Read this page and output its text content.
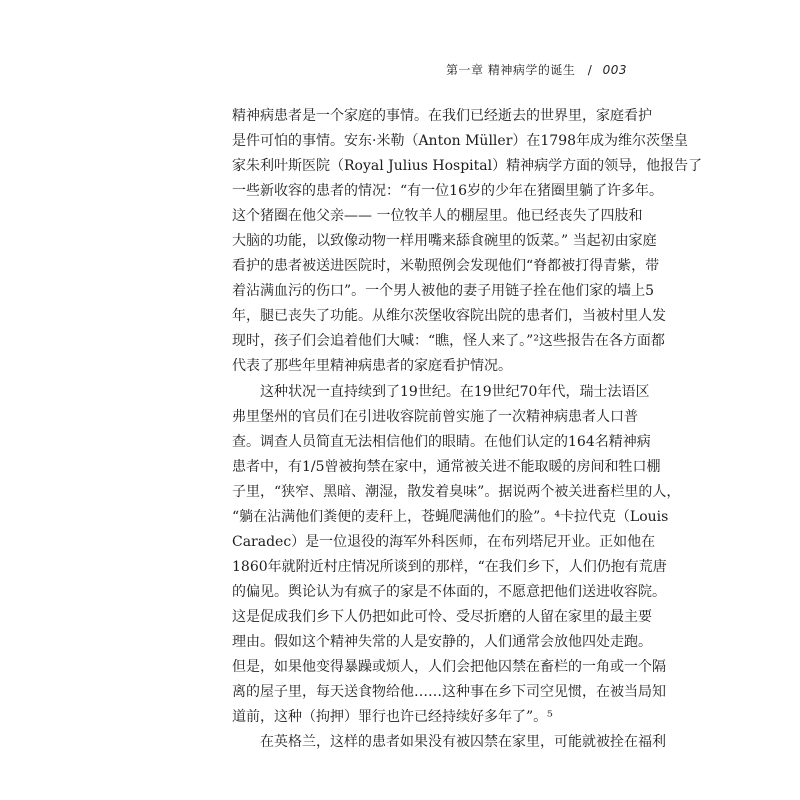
第一章 精神病学的诞生 / 003
精神病患者是一个家庭的事情。在我们已经逝去的世界里，家庭看护
是件可怕的事情。安东·米勒（Anton Müller）在1798年成为维尔茨堡皇
家朱利叶斯医院（Royal Julius Hospital）精神病学方面的领导，他报告了
一些新收容的患者的情况：“有一位16岁的少年在猪圈里躺了许多年。
这个猪圈在他父亲—— 一位牧羊人的棚屋里。他已经丧失了四肢和
大脑的功能，以致像动物一样用嘴来舔食碗里的饭菜。” 当起初由家庭
看护的患者被送进医院时，米勒照例会发现他们“脊都被打得青紫，带
着沾满血污的伤口”。一个男人被他的妻子用链子拴在他们家的墙上5
年，腿已丧失了功能。从维尔茨堡收容院出院的患者们，当被村里人发
现时，孩子们会追着他们大喊：“瞧，怪人来了。”²这些报告在各方面都
代表了那些年里精神病患者的家庭看护情况。
这种状况一直持续到了19世纪。在19世纪70年代，瑞士法语区
弗里堡州的官员们在引进收容院前曾实施了一次精神病患者人口普
查。调查人员简直无法相信他们的眼睛。在他们认定的164名精神病
患者中，有1/5曾被拘禁在家中，通常被关进不能取暖的房间和牲口棚
子里，“狭窄、黑暗、潮湿，散发着臭味”。据说两个被关进畜栏里的人，
“躺在沾满他们粪便的麦秆上，苍蝇爬满他们的脸”。⁴卡拉代克（Louis
Caradec）是一位退役的海军外科医师，在布列塔尼开业。正如他在
1860年就附近村庄情况所谈到的那样，“在我们乡下，人们仍抱有荒唐
的偏见。舆论认为有疯子的家是不体面的，不愿意把他们送进收容院。
这是促成我们乡下人仍把如此可怜、受尽折磨的人留在家里的最主要
理由。假如这个精神失常的人是安静的，人们通常会放他四处走跑。
但是，如果他变得暴躁或烦人，人们会把他囚禁在畜栏的一角或一个隔
离的屋子里，每天送食物给他……这种事在乡下司空见惯，在被当局知
道前，这种（拘押）罪行也许已经持续好多年了”。⁵
在英格兰，这样的患者如果没有被囚禁在家里，可能就被拴在福利
